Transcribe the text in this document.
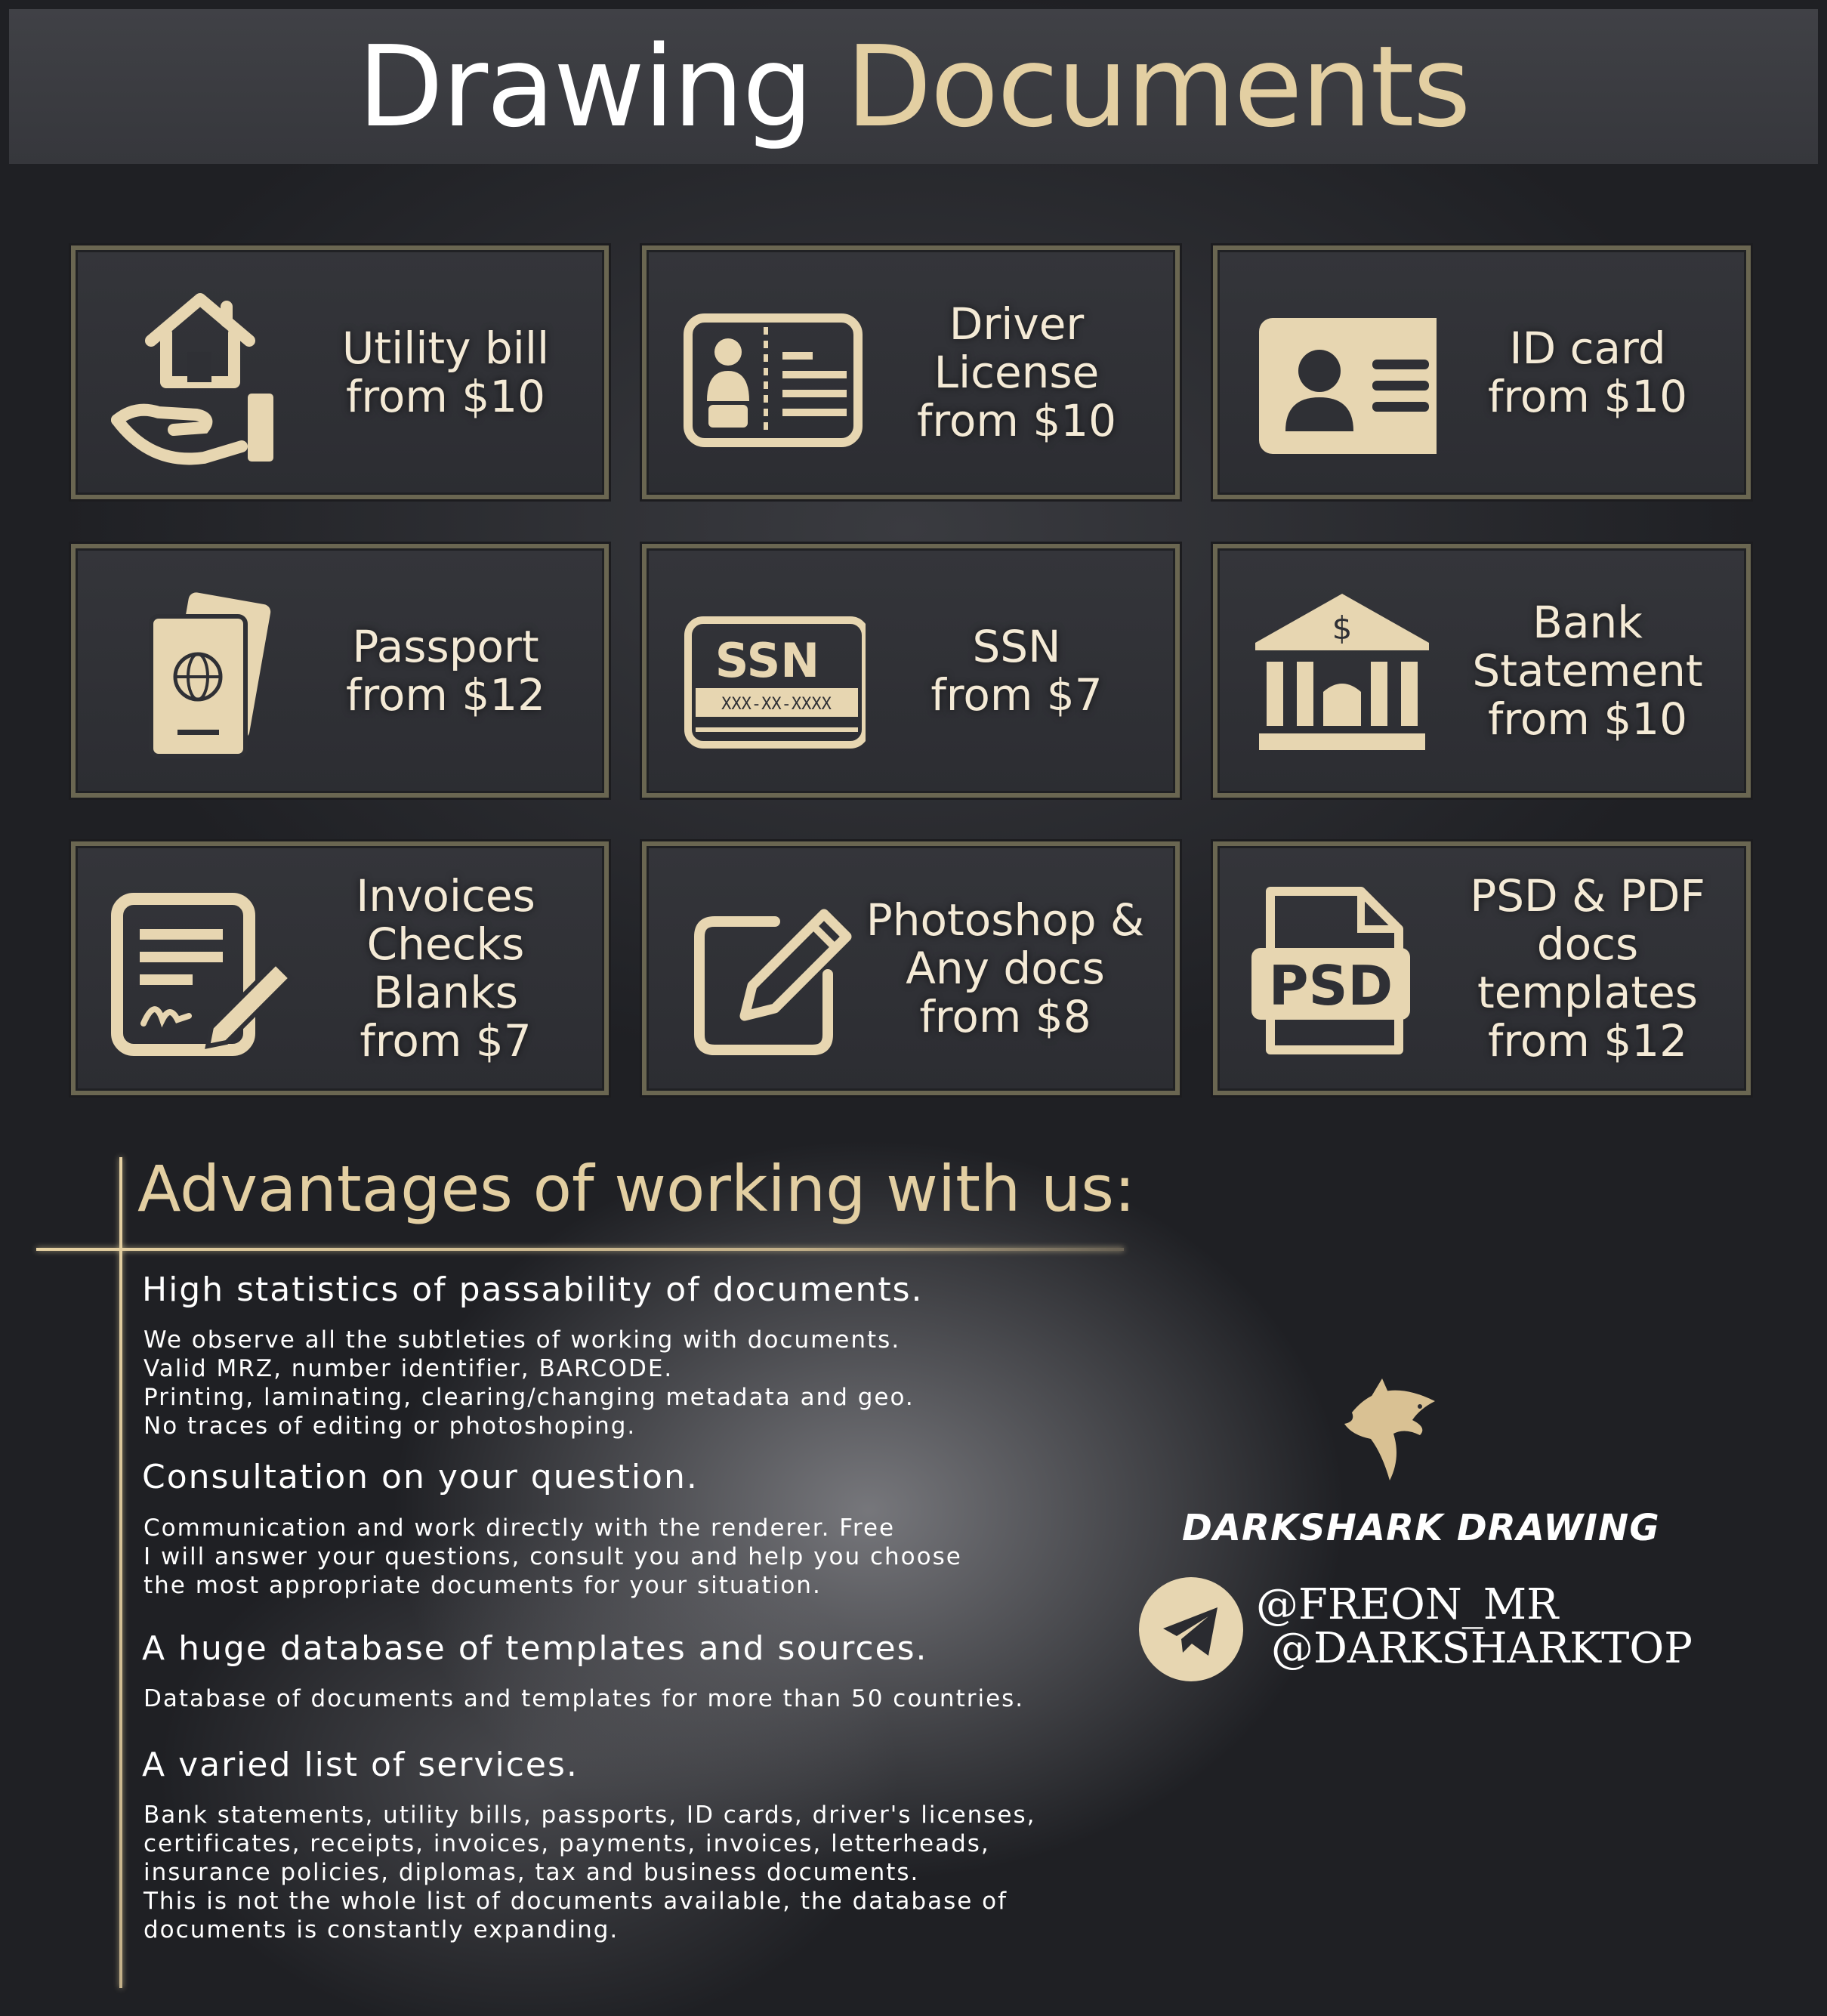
Drawing Documents
Utility bill
from $10
Driver
License
from $10
ID card
from $10
Passport
from $12
SSN
XXX-XX-XXXX
SSN
from $7
$	Bank
Statement
from $10
Invoices
Checks
Blanks
from $7
Photoshop &
Any docs
from $8	PSD
PSD & PDF
docs
templates
from $12
Advantages of working with us:
High statistics of passability of documents.
We observe all the subtleties of working with documents.
Valid MRZ, number identifier, BARCODE.
Printing, laminating, clearing/changing metadata and geo.
No traces of editing or photoshoping.
Consultation on your question.
Communication and work directly with the renderer. Free
I will answer your questions, consult you and help you choose
the most appropriate documents for your situation.
A huge database of templates and sources.
Database of documents and templates for more than 50 countries.
A varied list of services.
Bank statements, utility bills, passports, ID cards, driver's licenses,
certificates, receipts, invoices, payments, invoices, letterheads,
insurance policies, diplomas, tax and business documents.
This is not the whole list of documents available, the database of
documents is constantly expanding.
DARKSHARK DRAWING
@FREON_MR
@DARKSHARKTOP
